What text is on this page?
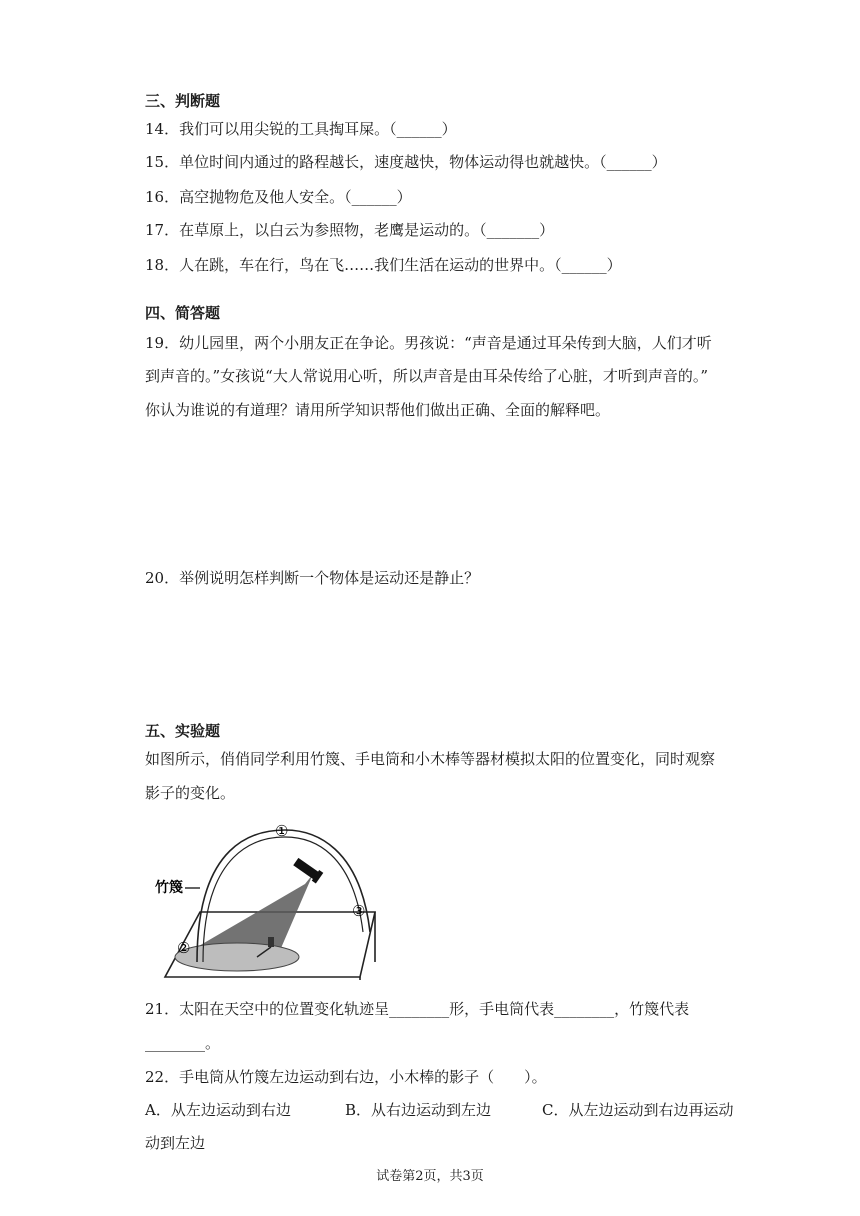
三、判断题
14．我们可以用尖锐的工具掏耳屎。（______）
15．单位时间内通过的路程越长，速度越快，物体运动得也就越快。（______）
16．高空抛物危及他人安全。（______）
17．在草原上，以白云为参照物，老鹰是运动的。（_______）
18．人在跳，车在行，鸟在飞……我们生活在运动的世界中。（______）
四、简答题
19．幼儿园里，两个小朋友正在争论。男孩说：“声音是通过耳朵传到大脑，人们才听
到声音的。”女孩说“大人常说用心听，所以声音是由耳朵传给了心脏，才听到声音的。”
你认为谁说的有道理？请用所学知识帮他们做出正确、全面的解释吧。
20．举例说明怎样判断一个物体是运动还是静止？
五、实验题
如图所示，俏俏同学利用竹篾、手电筒和小木棒等器材模拟太阳的位置变化，同时观察
影子的变化。
①
②
③
竹篾
21．太阳在天空中的位置变化轨迹呈________形，手电筒代表________，竹篾代表
________。
22．手电筒从竹篾左边运动到右边，小木棒的影子（　　）。
A．从左边运动到右边	B．从右边运动到左边	C．从左边运动到右边再运动
动到左边
试卷第2页，共3页
